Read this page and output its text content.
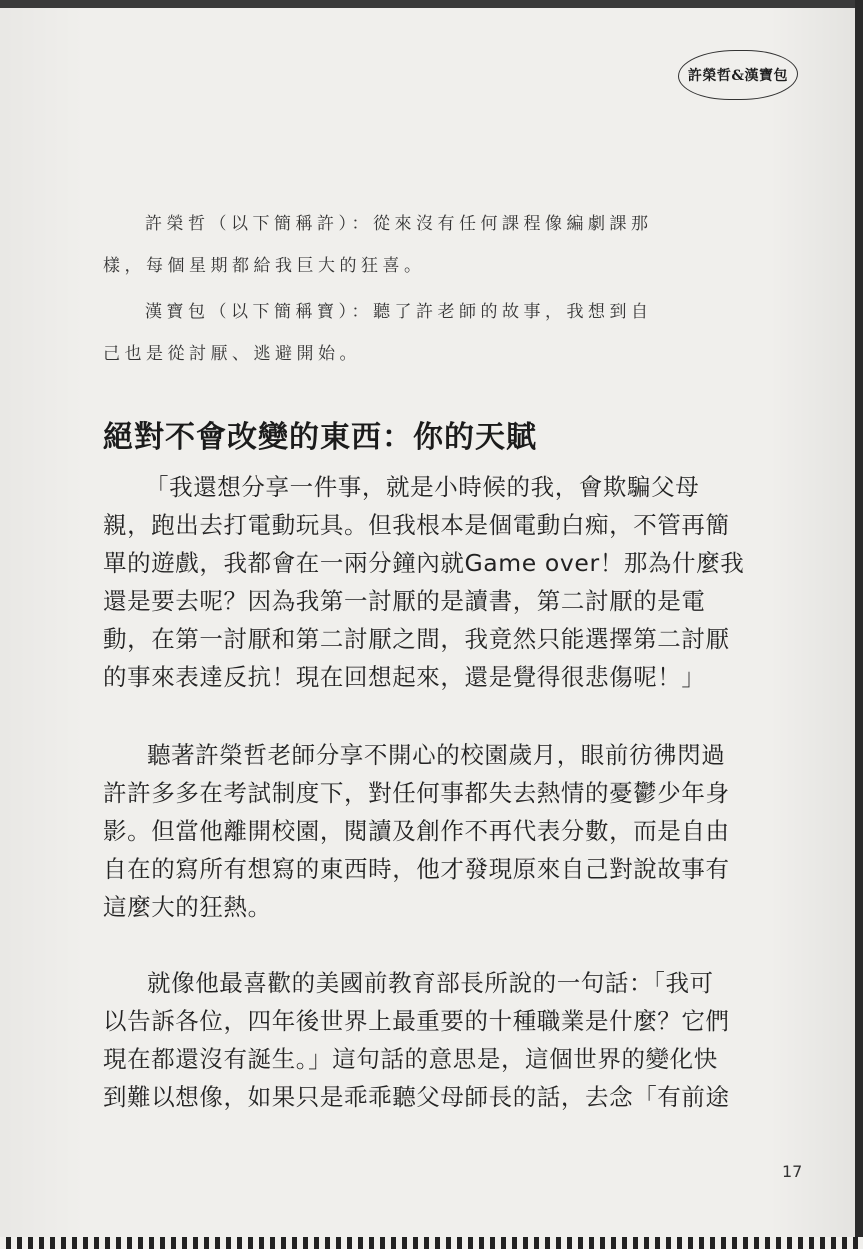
許榮哲&漢寶包
許榮哲（以下簡稱許）：從來沒有任何課程像編劇課那
樣，每個星期都給我巨大的狂喜。
漢寶包（以下簡稱寶）：聽了許老師的故事，我想到自
己也是從討厭、逃避開始。
絕對不會改變的東西：你的天賦
「我還想分享一件事，就是小時候的我，會欺騙父母
親，跑出去打電動玩具。但我根本是個電動白痴，不管再簡
單的遊戲，我都會在一兩分鐘內就Game over！那為什麼我
還是要去呢？因為我第一討厭的是讀書，第二討厭的是電
動，在第一討厭和第二討厭之間，我竟然只能選擇第二討厭
的事來表達反抗！現在回想起來，還是覺得很悲傷呢！」
聽著許榮哲老師分享不開心的校園歲月，眼前彷彿閃過
許許多多在考試制度下，對任何事都失去熱情的憂鬱少年身
影。但當他離開校園，閱讀及創作不再代表分數，而是自由
自在的寫所有想寫的東西時，他才發現原來自己對說故事有
這麼大的狂熱。
就像他最喜歡的美國前教育部長所說的一句話：「我可
以告訴各位，四年後世界上最重要的十種職業是什麼？它們
現在都還沒有誕生。」這句話的意思是，這個世界的變化快
到難以想像，如果只是乖乖聽父母師長的話，去念「有前途
17
